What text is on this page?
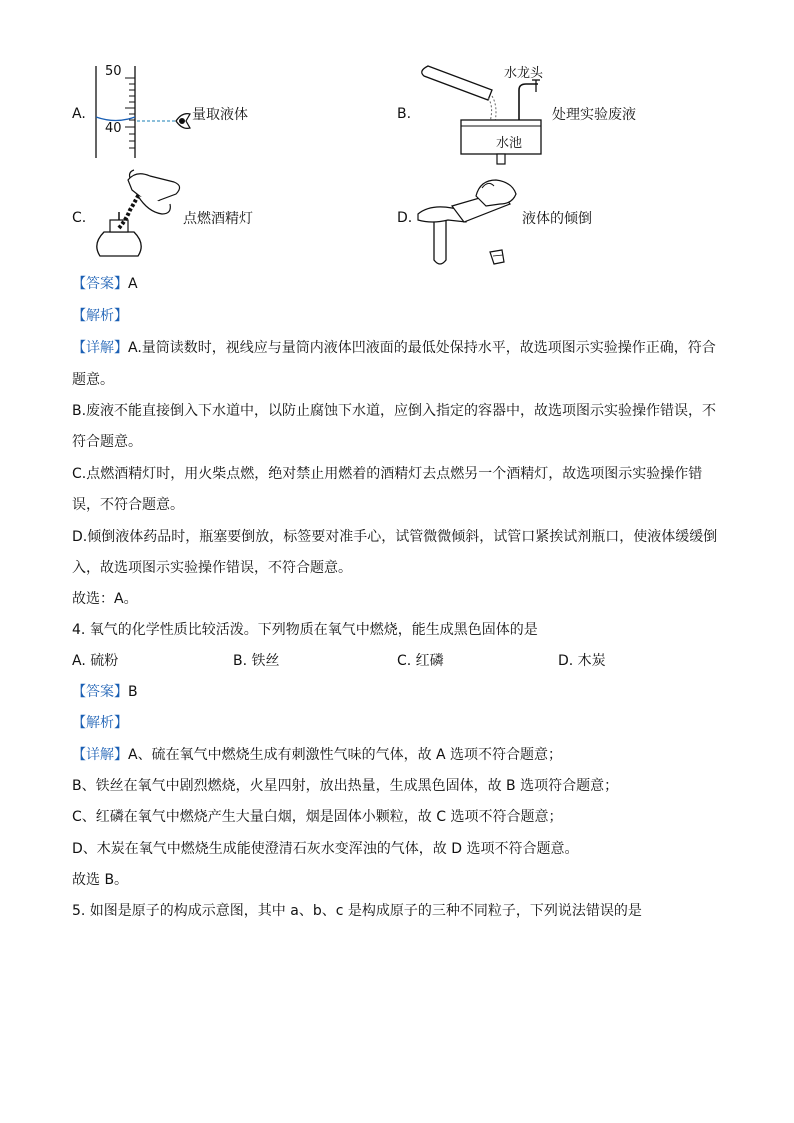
A.
50
40
量取液体	B.
水龙头
水池
处理实验废液
C.	点燃酒精灯	D.	液体的倾倒
【答案】A
【解析】
【详解】A.量筒读数时，视线应与量筒内液体凹液面的最低处保持水平，故选项图示实验操作正确，符合
题意。
B.废液不能直接倒入下水道中，以防止腐蚀下水道，应倒入指定的容器中，故选项图示实验操作错误，不
符合题意。
C.点燃酒精灯时，用火柴点燃，绝对禁止用燃着的酒精灯去点燃另一个酒精灯，故选项图示实验操作错
误，不符合题意。
D.倾倒液体药品时，瓶塞要倒放，标签要对准手心，试管微微倾斜，试管口紧挨试剂瓶口，使液体缓缓倒
入，故选项图示实验操作错误，不符合题意。
故选：A。
4. 氧气的化学性质比较活泼。下列物质在氧气中燃烧，能生成黑色固体的是
A. 硫粉	B. 铁丝	C. 红磷	D. 木炭
【答案】B
【解析】
【详解】A、硫在氧气中燃烧生成有刺激性气味的气体，故 A 选项不符合题意；
B、铁丝在氧气中剧烈燃烧，火星四射，放出热量，生成黑色固体，故 B 选项符合题意；
C、红磷在氧气中燃烧产生大量白烟，烟是固体小颗粒，故 C 选项不符合题意；
D、木炭在氧气中燃烧生成能使澄清石灰水变浑浊的气体，故 D 选项不符合题意。
故选 B。
5. 如图是原子的构成示意图，其中 a、b、c 是构成原子的三种不同粒子，下列说法错误的是
